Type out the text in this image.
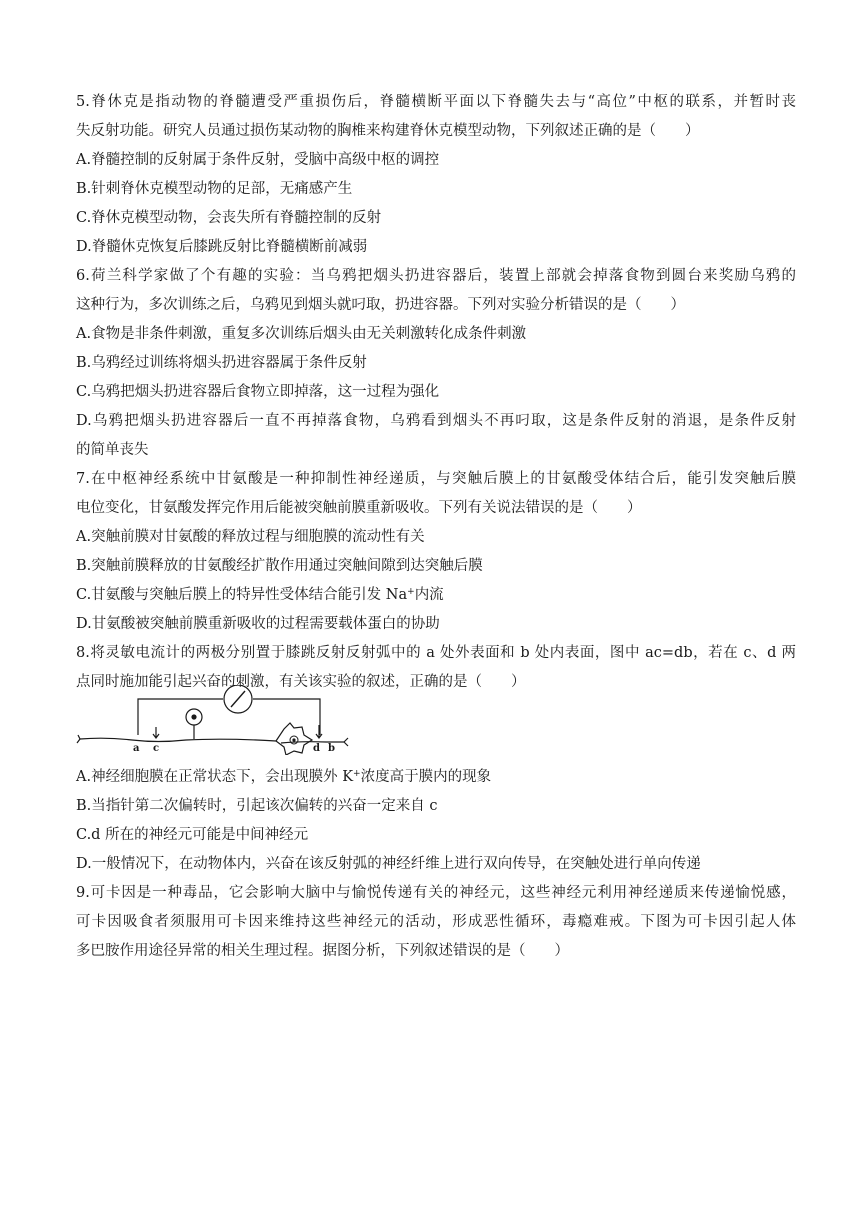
5.脊休克是指动物的脊髓遭受严重损伤后，脊髓横断平面以下脊髓失去与“高位”中枢的联系，并暂时丧
失反射功能。研究人员通过损伤某动物的胸椎来构建脊休克模型动物，下列叙述正确的是（　　）
A.脊髓控制的反射属于条件反射，受脑中高级中枢的调控
B.针刺脊休克模型动物的足部，无痛感产生
C.脊休克模型动物，会丧失所有脊髓控制的反射
D.脊髓休克恢复后膝跳反射比脊髓横断前减弱
6.荷兰科学家做了个有趣的实验：当乌鸦把烟头扔进容器后，装置上部就会掉落食物到圆台来奖励乌鸦的
这种行为，多次训练之后，乌鸦见到烟头就叼取，扔进容器。下列对实验分析错误的是（　　）
A.食物是非条件刺激，重复多次训练后烟头由无关刺激转化成条件刺激
B.乌鸦经过训练将烟头扔进容器属于条件反射
C.乌鸦把烟头扔进容器后食物立即掉落，这一过程为强化
D.乌鸦把烟头扔进容器后一直不再掉落食物，乌鸦看到烟头不再叼取，这是条件反射的消退，是条件反射
的简单丧失
7.在中枢神经系统中甘氨酸是一种抑制性神经递质，与突触后膜上的甘氨酸受体结合后，能引发突触后膜
电位变化，甘氨酸发挥完作用后能被突触前膜重新吸收。下列有关说法错误的是（　　）
A.突触前膜对甘氨酸的释放过程与细胞膜的流动性有关
B.突触前膜释放的甘氨酸经扩散作用通过突触间隙到达突触后膜
C.甘氨酸与突触后膜上的特异性受体结合能引发 Na+内流
D.甘氨酸被突触前膜重新吸收的过程需要载体蛋白的协助
8.将灵敏电流计的两极分别置于膝跳反射反射弧中的 a 处外表面和 b 处内表面，图中 ac=db，若在 c、d 两
点同时施加能引起兴奋的刺激，有关该实验的叙述，正确的是（　　）
a c	d b
A.神经细胞膜在正常状态下，会出现膜外 K+浓度高于膜内的现象
B.当指针第二次偏转时，引起该次偏转的兴奋一定来自 c
C.d 所在的神经元可能是中间神经元
D.一般情况下，在动物体内，兴奋在该反射弧的神经纤维上进行双向传导，在突触处进行单向传递
9.可卡因是一种毒品，它会影响大脑中与愉悦传递有关的神经元，这些神经元利用神经递质来传递愉悦感，
可卡因吸食者须服用可卡因来维持这些神经元的活动，形成恶性循环，毒瘾难戒。下图为可卡因引起人体
多巴胺作用途径异常的相关生理过程。据图分析，下列叙述错误的是（　　）
